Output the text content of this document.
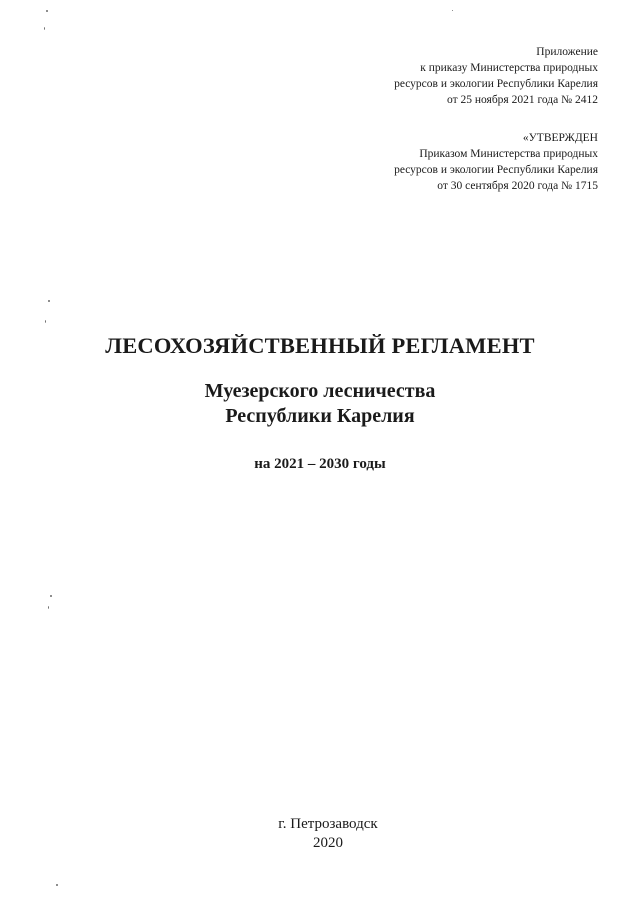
Приложение
к приказу Министерства природных
ресурсов и экологии Республики Карелия
от 25 ноября 2021 года № 2412
«УТВЕРЖДЕН
Приказом Министерства природных
ресурсов и экологии Республики Карелия
от 30 сентября 2020 года № 1715
ЛЕСОХОЗЯЙСТВЕННЫЙ РЕГЛАМЕНТ
Муезерского лесничества
Республики Карелия
на 2021 – 2030 годы
г. Петрозаводск
2020
